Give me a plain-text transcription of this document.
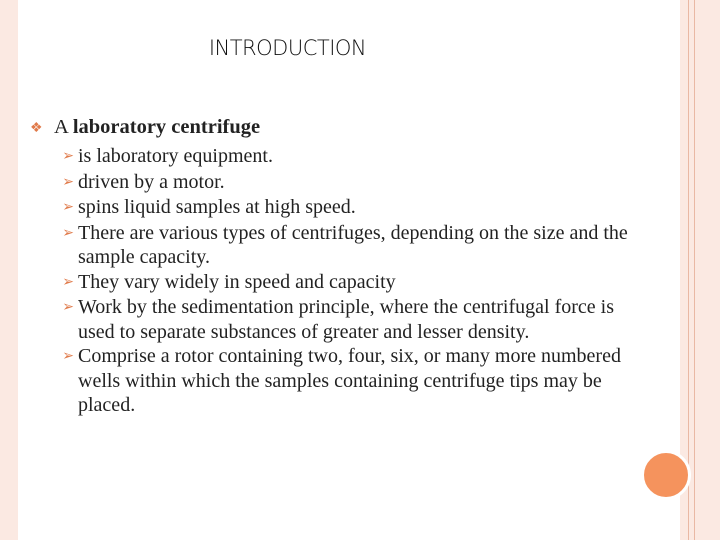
INTRODUCTION
❖ A laboratory centrifuge
➢ is laboratory equipment.
➢ driven by a motor.
➢ spins liquid samples at high speed.
➢ There are various types of centrifuges, depending on the size and the sample capacity.
➢ They vary widely in speed and capacity
➢ Work by the sedimentation principle, where the centrifugal force is used to separate substances of greater and lesser density.
➢ Comprise a rotor containing two, four, six, or many more numbered wells within which the samples containing centrifuge tips may be placed.
